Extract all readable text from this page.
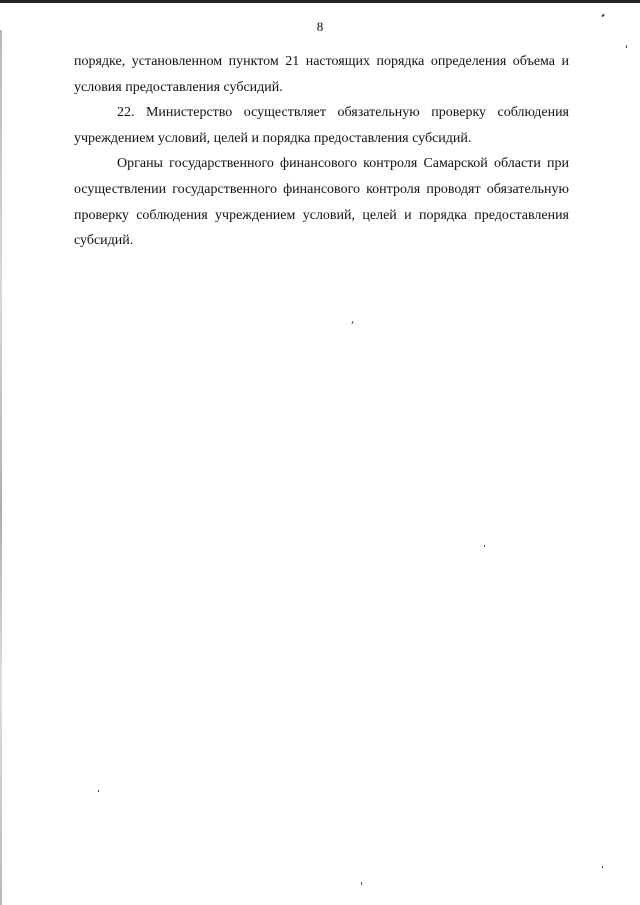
8

порядке, установленном пунктом 21 настоящих порядка определения объема и условия предоставления субсидий.

22. Министерство осуществляет обязательную проверку соблюдения учреждением условий, целей и порядка предоставления субсидий.

Органы государственного финансового контроля Самарской области при осуществлении государственного финансового контроля проводят обязательную проверку соблюдения учреждением условий, целей и порядка предоставления субсидий.
